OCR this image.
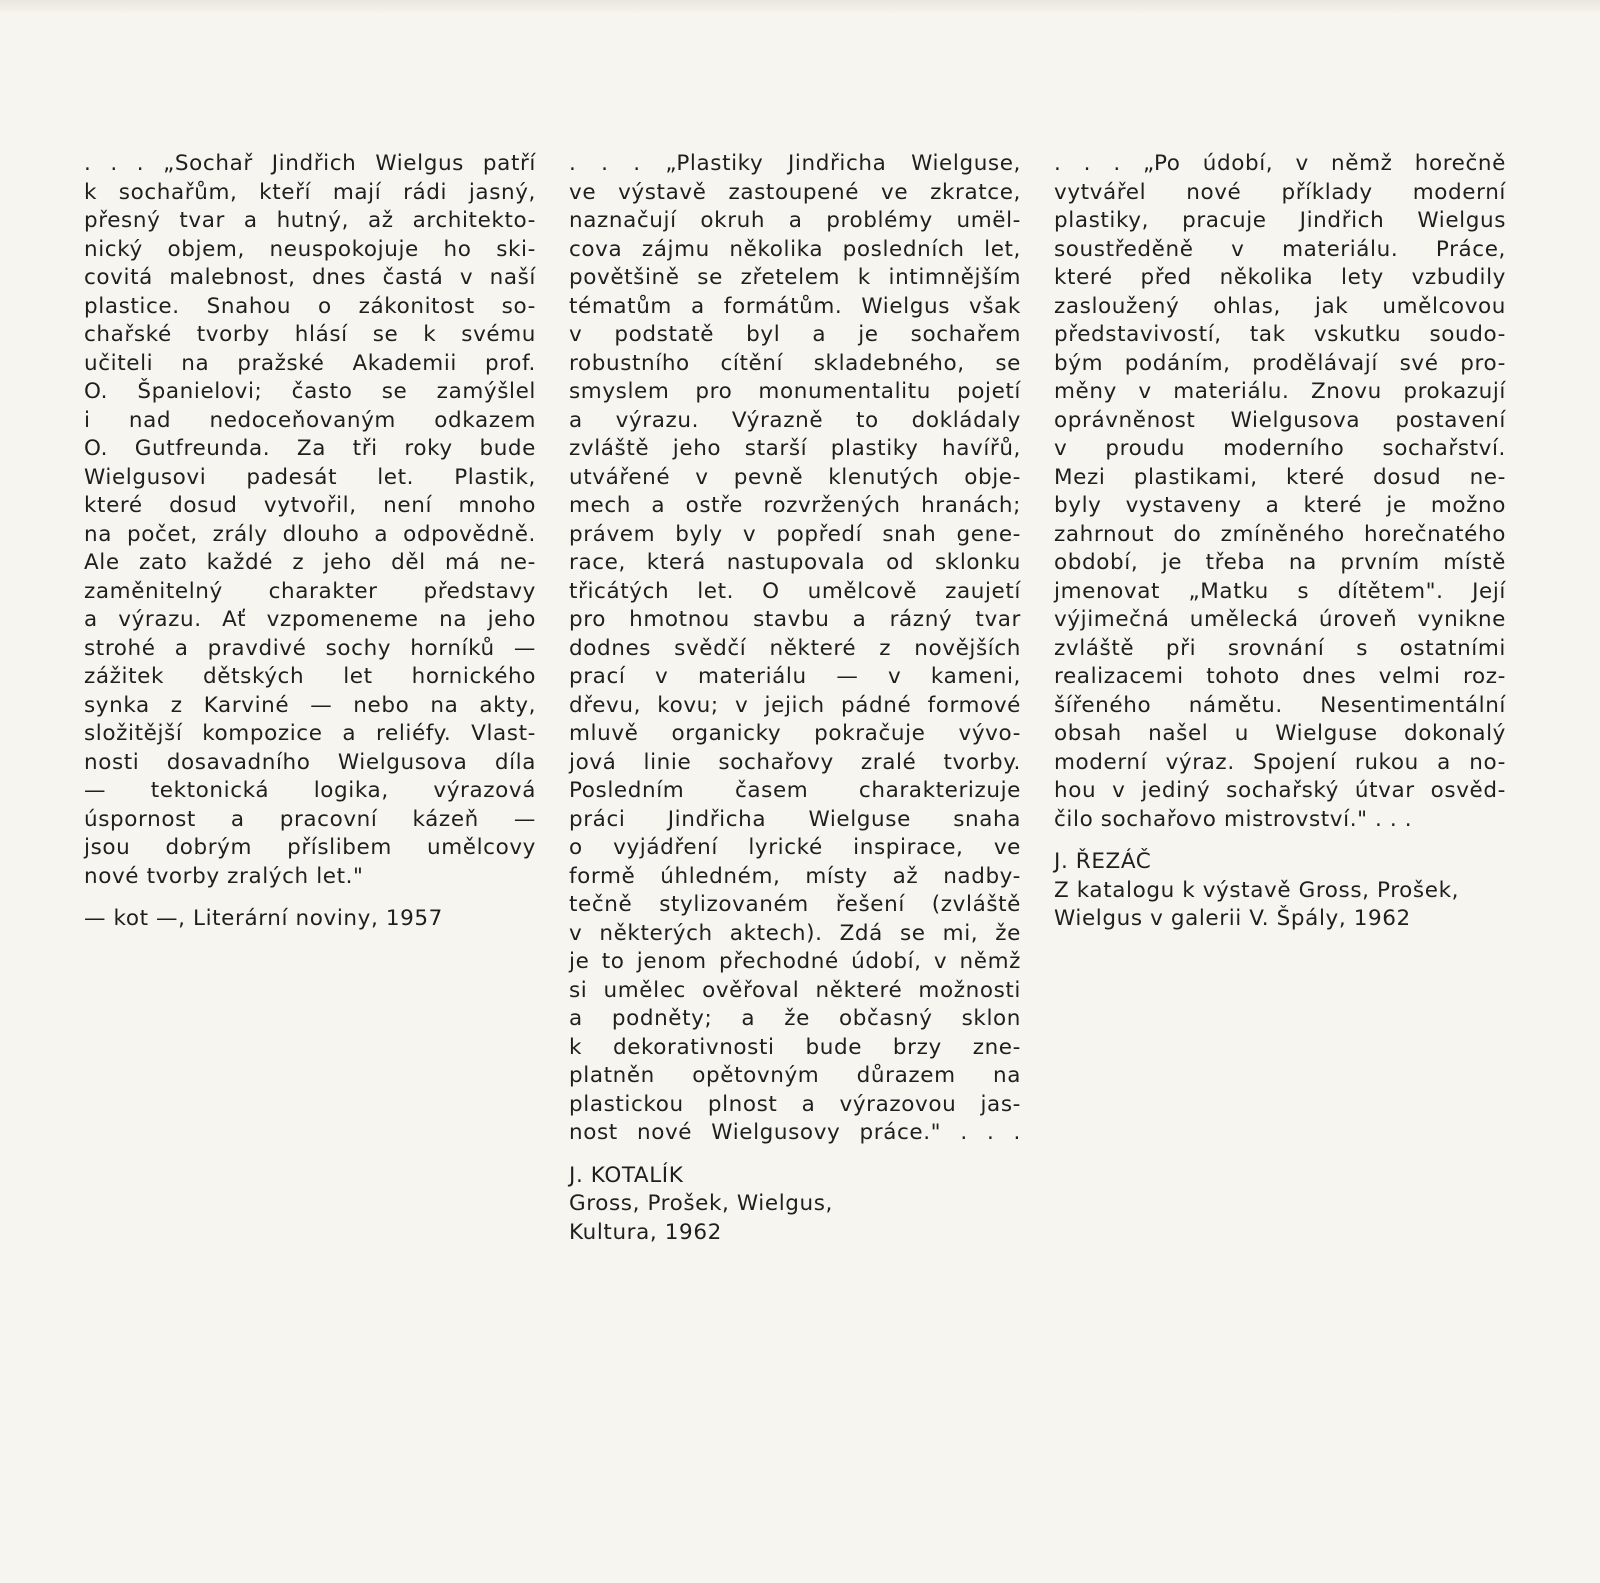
. . . „Sochař Jindřich Wielgus patří
k sochařům, kteří mají rádi jasný,
přesný tvar a hutný, až architekto-
nický objem, neuspokojuje ho ski-
covitá malebnost, dnes častá v naší
plastice. Snahou o zákonitost so-
chařské tvorby hlásí se k svému
učiteli na pražské Akademii prof.
O. Španielovi; často se zamýšlel
i nad nedoceňovaným odkazem
O. Gutfreunda. Za tři roky bude
Wielgusovi padesát let. Plastik,
které dosud vytvořil, není mnoho
na počet, zrály dlouho a odpovědně.
Ale zato každé z jeho děl má ne-
zaměnitelný charakter představy
a výrazu. Ať vzpomeneme na jeho
strohé a pravdivé sochy horníků —
zážitek dětských let hornického
synka z Karviné — nebo na akty,
složitější kompozice a reliéfy. Vlast-
nosti dosavadního Wielgusova díla
— tektonická logika, výrazová
úspornost a pracovní kázeň —
jsou dobrým příslibem umělcovy
nové tvorby zralých let."
— kot —, Literární noviny, 1957
. . . „Plastiky Jindřicha Wielguse,
ve výstavě zastoupené ve zkratce,
naznačují okruh a problémy umël-
cova zájmu několika posledních let,
povětšině se zřetelem k intimnějším
tématům a formátům. Wielgus však
v podstatě byl a je sochařem
robustního cítění skladebného, se
smyslem pro monumentalitu pojetí
a výrazu. Výrazně to dokládaly
zvláště jeho starší plastiky havířů,
utvářené v pevně klenutých obje-
mech a ostře rozvržených hranách;
právem byly v popředí snah gene-
race, která nastupovala od sklonku
třicátých let. O umělcově zaujetí
pro hmotnou stavbu a rázný tvar
dodnes svědčí některé z novějších
prací v materiálu — v kameni,
dřevu, kovu; v jejich pádné formové
mluvě organicky pokračuje vývo-
jová linie sochařovy zralé tvorby.
Posledním časem charakterizuje
práci Jindřicha Wielguse snaha
o vyjádření lyrické inspirace, ve
formě úhledném, místy až nadby-
tečně stylizovaném řešení (zvláště
v některých aktech). Zdá se mi, že
je to jenom přechodné údobí, v němž
si umělec ověřoval některé možnosti
a podněty; a že občasný sklon
k dekorativnosti bude brzy zne-
platněn opětovným důrazem na
plastickou plnost a výrazovou jas-
nost nové Wielgusovy práce." . . .
J. KOTALÍK
Gross, Prošek, Wielgus,
Kultura, 1962
. . . „Po údobí, v němž horečně
vytvářel nové příklady moderní
plastiky, pracuje Jindřich Wielgus
soustředěně v materiálu. Práce,
které před několika lety vzbudily
zasloužený ohlas, jak umělcovou
představivostí, tak vskutku soudo-
bým podáním, prodělávají své pro-
měny v materiálu. Znovu prokazují
oprávněnost Wielgusova postavení
v proudu moderního sochařství.
Mezi plastikami, které dosud ne-
byly vystaveny a které je možno
zahrnout do zmíněného horečnatého
období, je třeba na prvním místě
jmenovat „Matku s dítětem". Její
výjimečná umělecká úroveň vynikne
zvláště při srovnání s ostatními
realizacemi tohoto dnes velmi roz-
šířeného námětu. Nesentimentální
obsah našel u Wielguse dokonalý
moderní výraz. Spojení rukou a no-
hou v jediný sochařský útvar osvěd-
čilo sochařovo mistrovství." . . .
J. ŘEZÁČ
Z katalogu k výstavě Gross, Prošek,
Wielgus v galerii V. Špály, 1962
